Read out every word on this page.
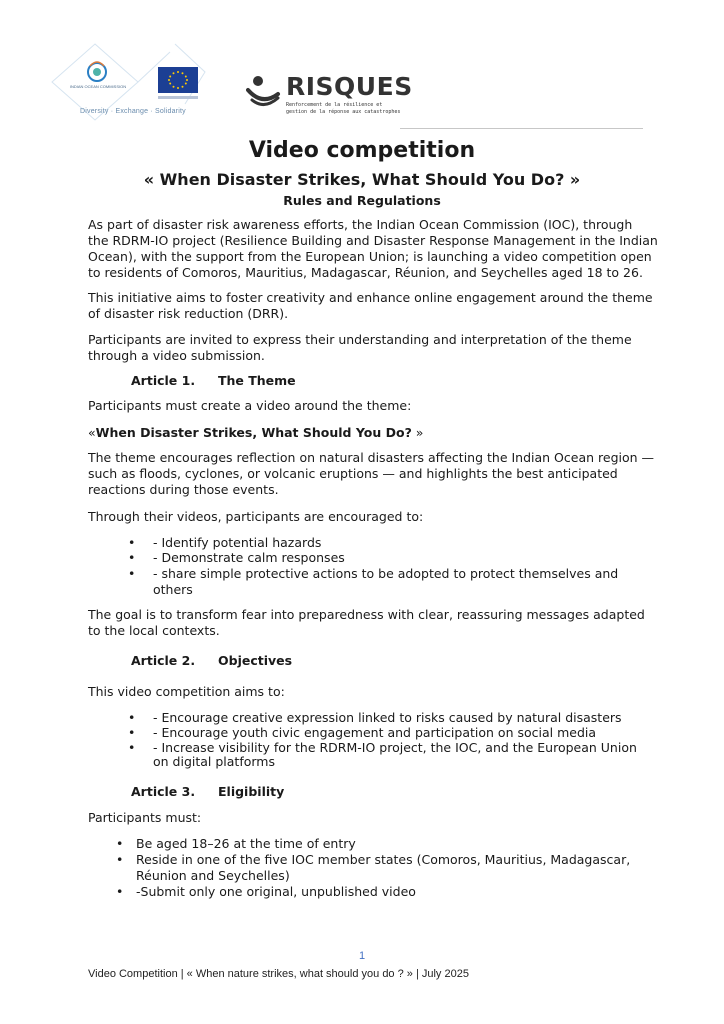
INDIAN OCEAN COMMISSION
Diversity · Exchange · Solidarity
RISQUES
Renforcement de la résilience et
gestion de la réponse aux catastrophes
Video competition
« When Disaster Strikes, What Should You Do? »
Rules and Regulations
As part of disaster risk awareness efforts, the Indian Ocean Commission (IOC), through
the RDRM-IO project (Resilience Building and Disaster Response Management in the Indian
Ocean), with the support from the European Union; is launching a video competition open
to residents of Comoros, Mauritius, Madagascar, Réunion, and Seychelles aged 18 to 26.
This initiative aims to foster creativity and enhance online engagement around the theme
of disaster risk reduction (DRR).
Participants are invited to express their understanding and interpretation of the theme
through a video submission.
Article 1. The Theme
Participants must create a video around the theme:
«When Disaster Strikes, What Should You Do? »
The theme encourages reflection on natural disasters affecting the Indian Ocean region —
such as floods, cyclones, or volcanic eruptions — and highlights the best anticipated
reactions during those events.
Through their videos, participants are encouraged to:
• - Identify potential hazards
• - Demonstrate calm responses
• - share simple protective actions to be adopted to protect themselves and
others
The goal is to transform fear into preparedness with clear, reassuring messages adapted
to the local contexts.
Article 2. Objectives
This video competition aims to:
• - Encourage creative expression linked to risks caused by natural disasters
• - Encourage youth civic engagement and participation on social media
• - Increase visibility for the RDRM-IO project, the IOC, and the European Union
on digital platforms
Article 3. Eligibility
Participants must:
• Be aged 18–26 at the time of entry
• Reside in one of the five IOC member states (Comoros, Mauritius, Madagascar,
Réunion and Seychelles)
• -Submit only one original, unpublished video
1
Video Competition | « When nature strikes, what should you do ? » | July 2025
